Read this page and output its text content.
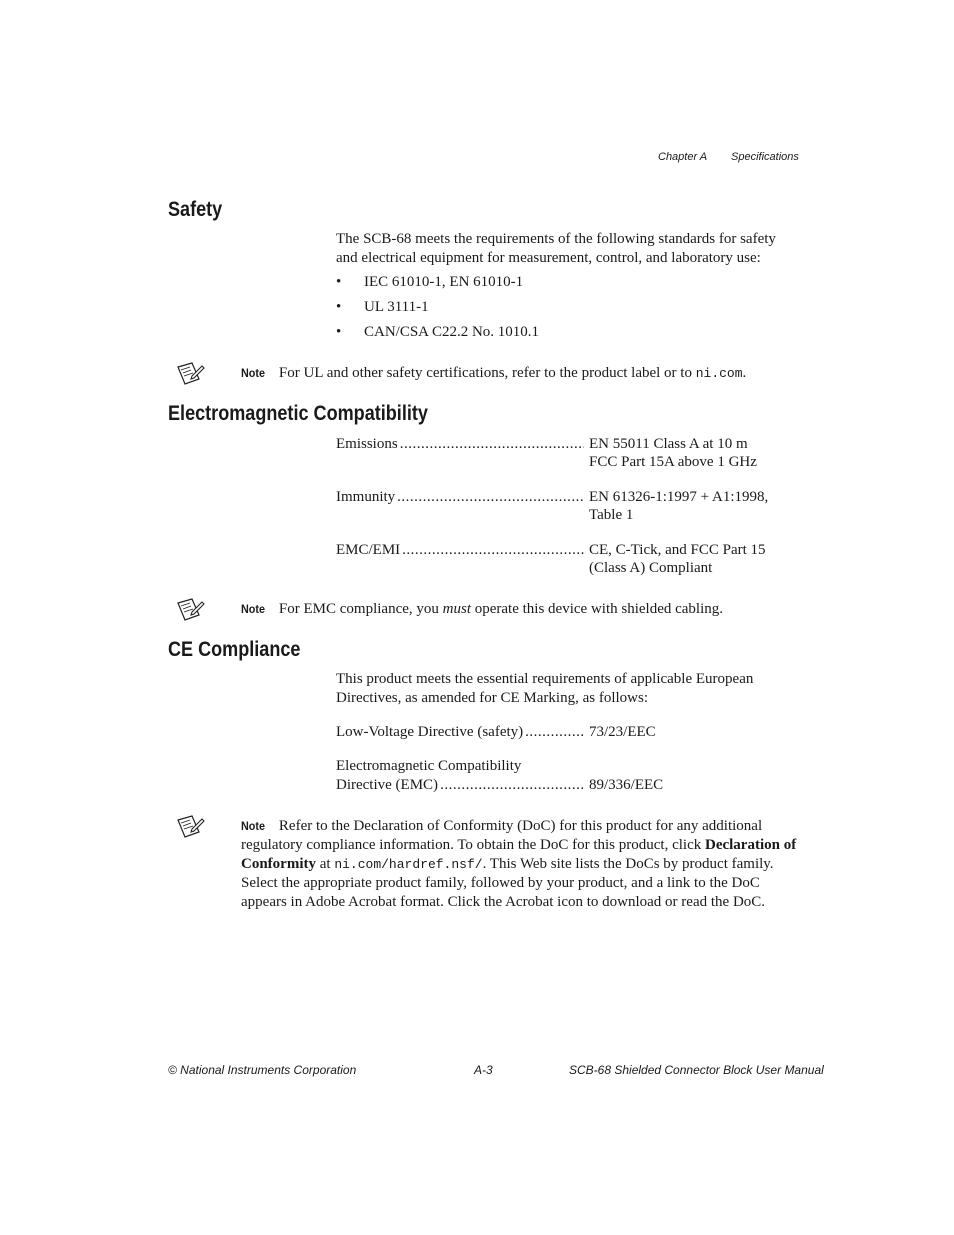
Chapter A Specifications
Safety
The SCB-68 meets the requirements of the following standards for safety and electrical equipment for measurement, control, and laboratory use:
• IEC 61010-1, EN 61010-1
• UL 3111-1
• CAN/CSA C22.2 No. 1010.1
Note For UL and other safety certifications, refer to the product label or to ni.com.
Electromagnetic Compatibility
Emissions .....	EN 55011 Class A at 10 m
FCC Part 15A above 1 GHz
Immunity .....	EN 61326-1:1997 + A1:1998,
Table 1
EMC/EMI .....	CE, C-Tick, and FCC Part 15
(Class A) Compliant
Note For EMC compliance, you must operate this device with shielded cabling.
CE Compliance
This product meets the essential requirements of applicable European Directives, as amended for CE Marking, as follows:
Low-Voltage Directive (safety) .....	73/23/EEC
Electromagnetic Compatibility
Directive (EMC) .....	89/336/EEC
Note Refer to the Declaration of Conformity (DoC) for this product for any additional regulatory compliance information. To obtain the DoC for this product, click Declaration of Conformity at ni.com/hardref.nsf/. This Web site lists the DoCs by product family. Select the appropriate product family, followed by your product, and a link to the DoC appears in Adobe Acrobat format. Click the Acrobat icon to download or read the DoC.
© National Instruments Corporation	A-3	SCB-68 Shielded Connector Block User Manual
